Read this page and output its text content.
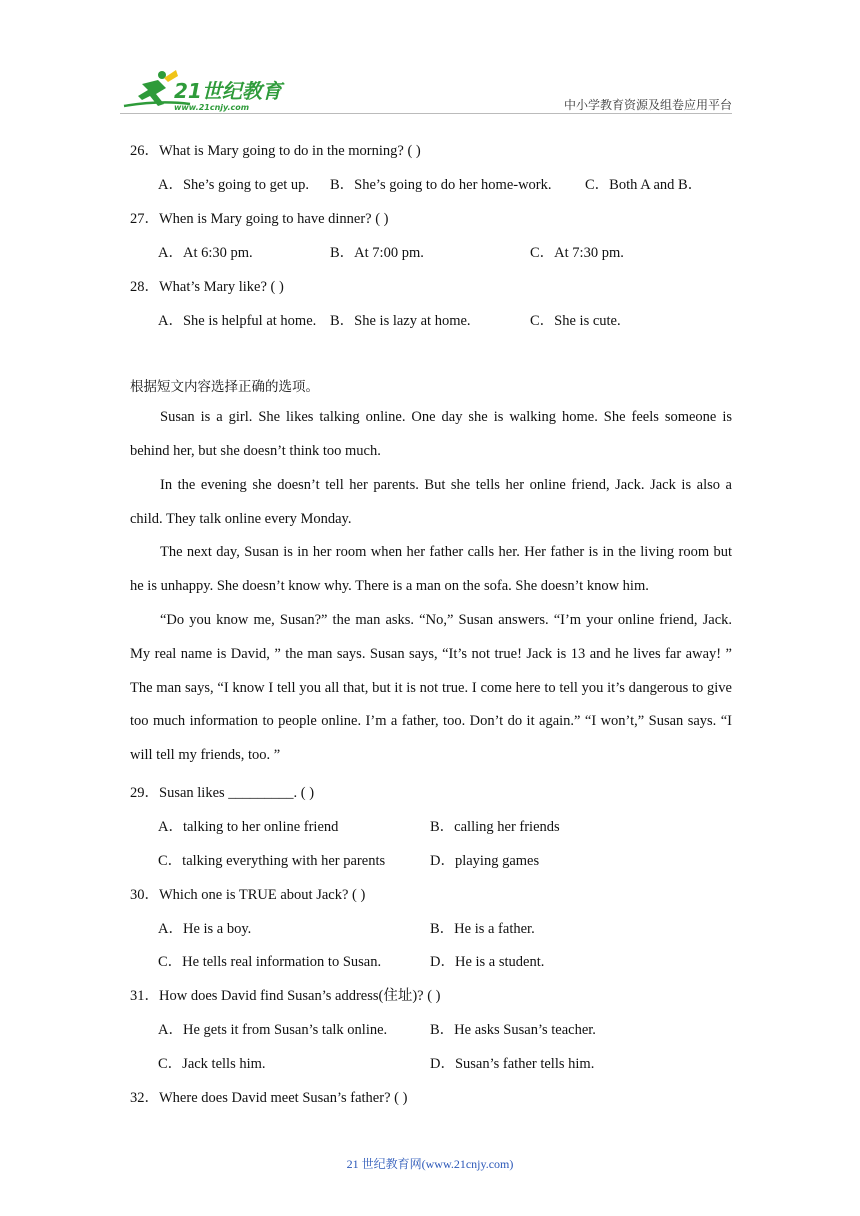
21世纪教育
www.21cnjy.com	中小学教育资源及组卷应用平台
26．What is Mary going to do in the morning? ( )
A．She’s going to get up. B．She’s going to do her home-work. C．Both A and B．
27．When is Mary going to have dinner? ( )
A．At 6:30 pm.	B．At 7:00 pm.	C．At 7:30 pm.
28．What’s Mary like? ( )
A．She is helpful at home. B．She is lazy at home.	C．She is cute.
根据短文内容选择正确的选项。
Susan is a girl. She likes talking online. One day she is walking home. She feels someone is behind her, but she doesn’t think too much.
In the evening she doesn’t tell her parents. But she tells her online friend, Jack. Jack is also a child. They talk online every Monday.
The next day, Susan is in her room when her father calls her. Her father is in the living room but he is unhappy. She doesn’t know why. There is a man on the sofa. She doesn’t know him.
“Do you know me, Susan?” the man asks. “No,” Susan answers. “I’m your online friend, Jack. My real name is David, ” the man says. Susan says, “It’s not true! Jack is 13 and he lives far away! ” The man says, “I know I tell you all that, but it is not true. I come here to tell you it’s dangerous to give too much information to people online. I’m a father, too. Don’t do it again.” “I won’t,” Susan says. “I will tell my friends, too. ”
29．Susan likes _________. ( )
A．talking to her online friend	B．calling her friends
C．talking everything with her parents	D．playing games
30．Which one is TRUE about Jack? ( )
A．He is a boy.	B．He is a father.
C．He tells real information to Susan.	D．He is a student.
31．How does David find Susan’s address(住址)? ( )
A．He gets it from Susan’s talk online.	B．He asks Susan’s teacher.
C．Jack tells him.	D．Susan’s father tells him.
32．Where does David meet Susan’s father? ( )
21 世纪教育网(www.21cnjy.com)
